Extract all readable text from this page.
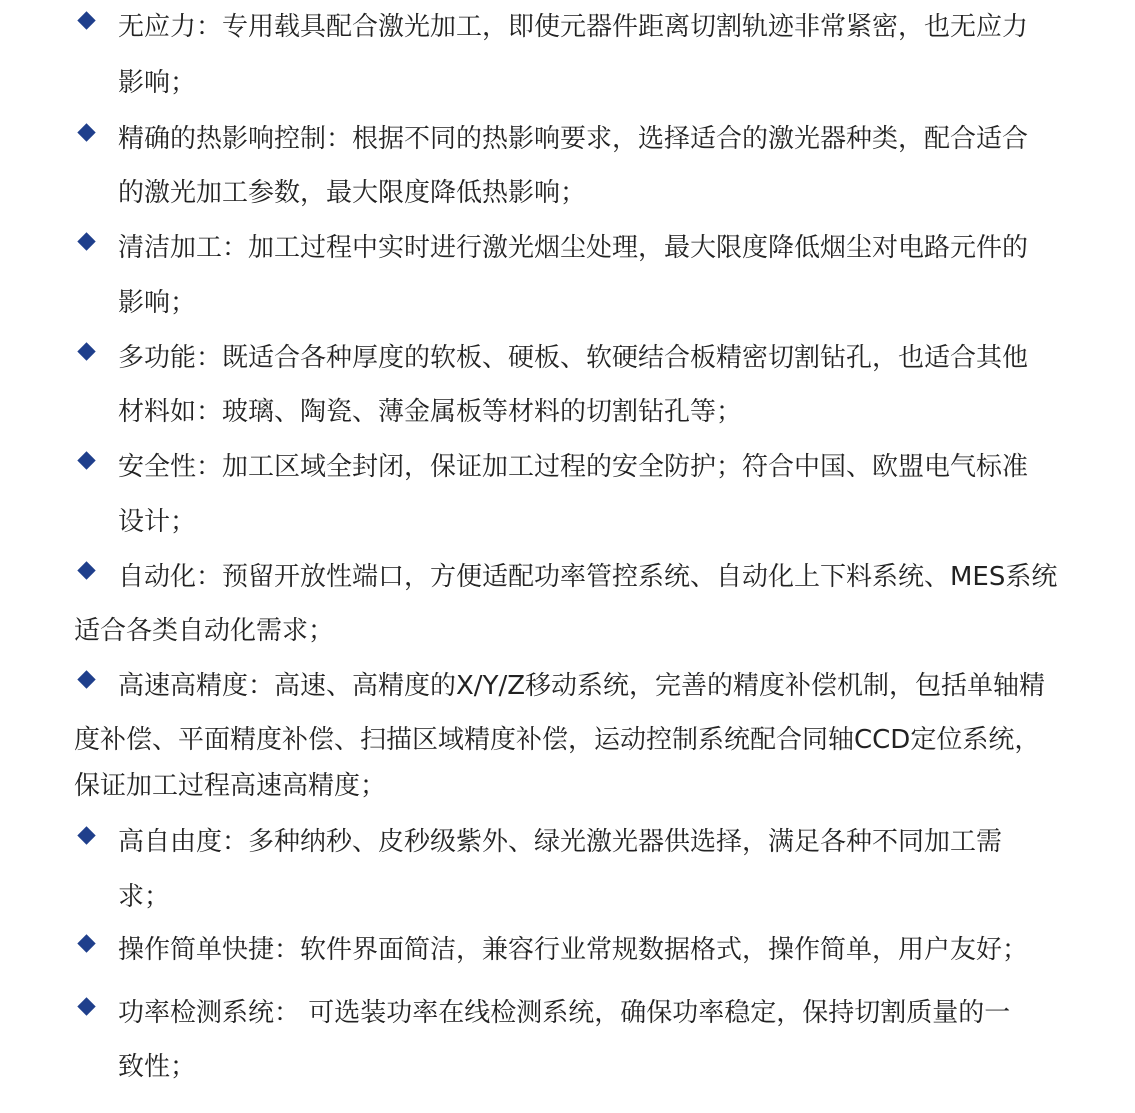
无应力：专用载具配合激光加工，即使元器件距离切割轨迹非常紧密，也无应力
影响；
精确的热影响控制：根据不同的热影响要求，选择适合的激光器种类，配合适合
的激光加工参数，最大限度降低热影响；
清洁加工：加工过程中实时进行激光烟尘处理，最大限度降低烟尘对电路元件的
影响；
多功能：既适合各种厚度的软板、硬板、软硬结合板精密切割钻孔，也适合其他
材料如：玻璃、陶瓷、薄金属板等材料的切割钻孔等；
安全性：加工区域全封闭，保证加工过程的安全防护；符合中国、欧盟电气标准
设计；
自动化：预留开放性端口，方便适配功率管控系统、自动化上下料系统、MES系统
适合各类自动化需求；
高速高精度：高速、高精度的X/Y/Z移动系统，完善的精度补偿机制，包括单轴精
度补偿、平面精度补偿、扫描区域精度补偿，运动控制系统配合同轴CCD定位系统，
保证加工过程高速高精度；
高自由度：多种纳秒、皮秒级紫外、绿光激光器供选择，满足各种不同加工需
求；
操作简单快捷：软件界面简洁，兼容行业常规数据格式，操作简单，用户友好；
功率检测系统： 可选装功率在线检测系统，确保功率稳定，保持切割质量的一
致性；
